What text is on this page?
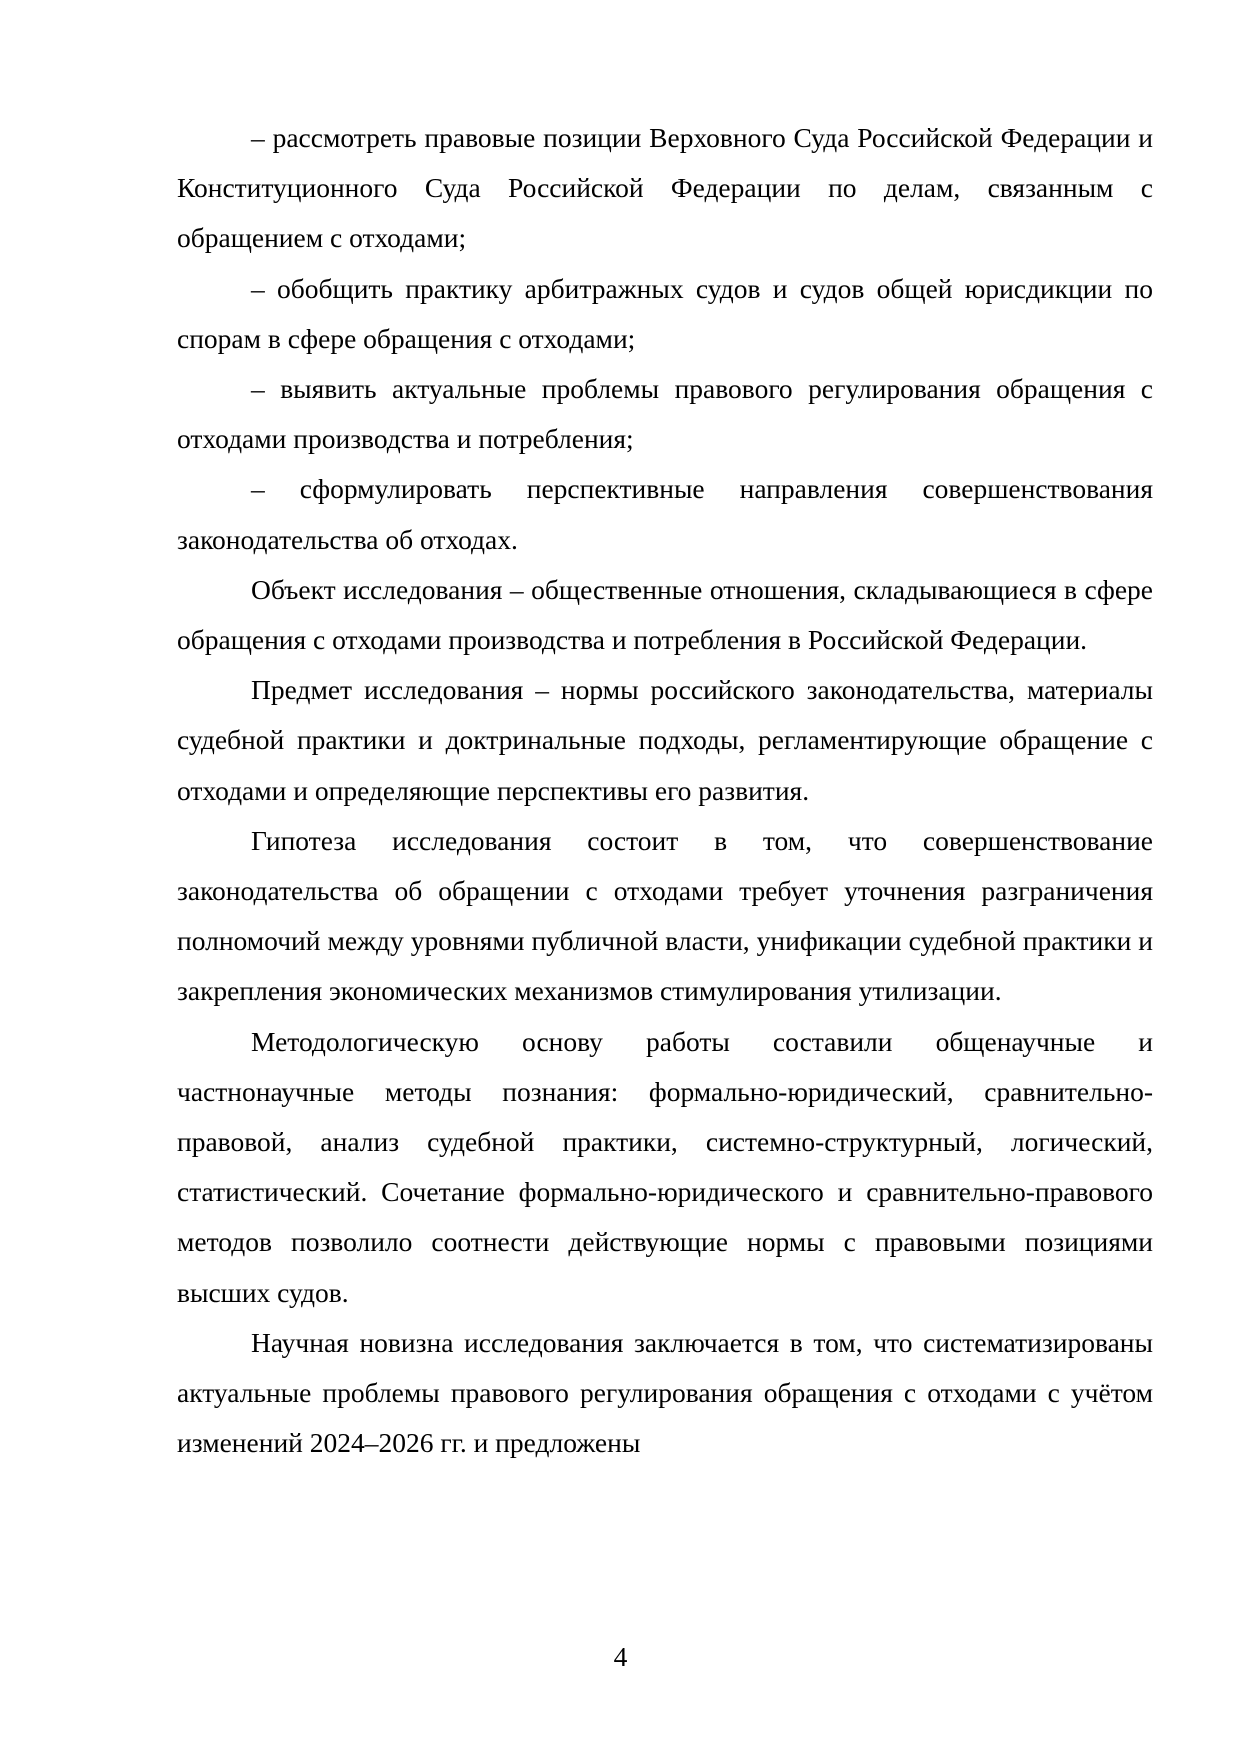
– рассмотреть правовые позиции Верховного Суда Российской Федерации и Конституционного Суда Российской Федерации по делам, связанным с обращением с отходами;

– обобщить практику арбитражных судов и судов общей юрисдикции по спорам в сфере обращения с отходами;

– выявить актуальные проблемы правового регулирования обращения с отходами производства и потребления;

– сформулировать перспективные направления совершенствования законодательства об отходах.

Объект исследования – общественные отношения, складывающиеся в сфере обращения с отходами производства и потребления в Российской Федерации.

Предмет исследования – нормы российского законодательства, материалы судебной практики и доктринальные подходы, регламентирующие обращение с отходами и определяющие перспективы его развития.

Гипотеза исследования состоит в том, что совершенствование законодательства об обращении с отходами требует уточнения разграничения полномочий между уровнями публичной власти, унификации судебной практики и закрепления экономических механизмов стимулирования утилизации.

Методологическую основу работы составили общенаучные и частнонаучные методы познания: формально-юридический, сравнительно-правовой, анализ судебной практики, системно-структурный, логический, статистический. Сочетание формально-юридического и сравнительно-правового методов позволило соотнести действующие нормы с правовыми позициями высших судов.

Научная новизна исследования заключается в том, что систематизированы актуальные проблемы правового регулирования обращения с отходами с учётом изменений 2024–2026 гг. и предложены

4
